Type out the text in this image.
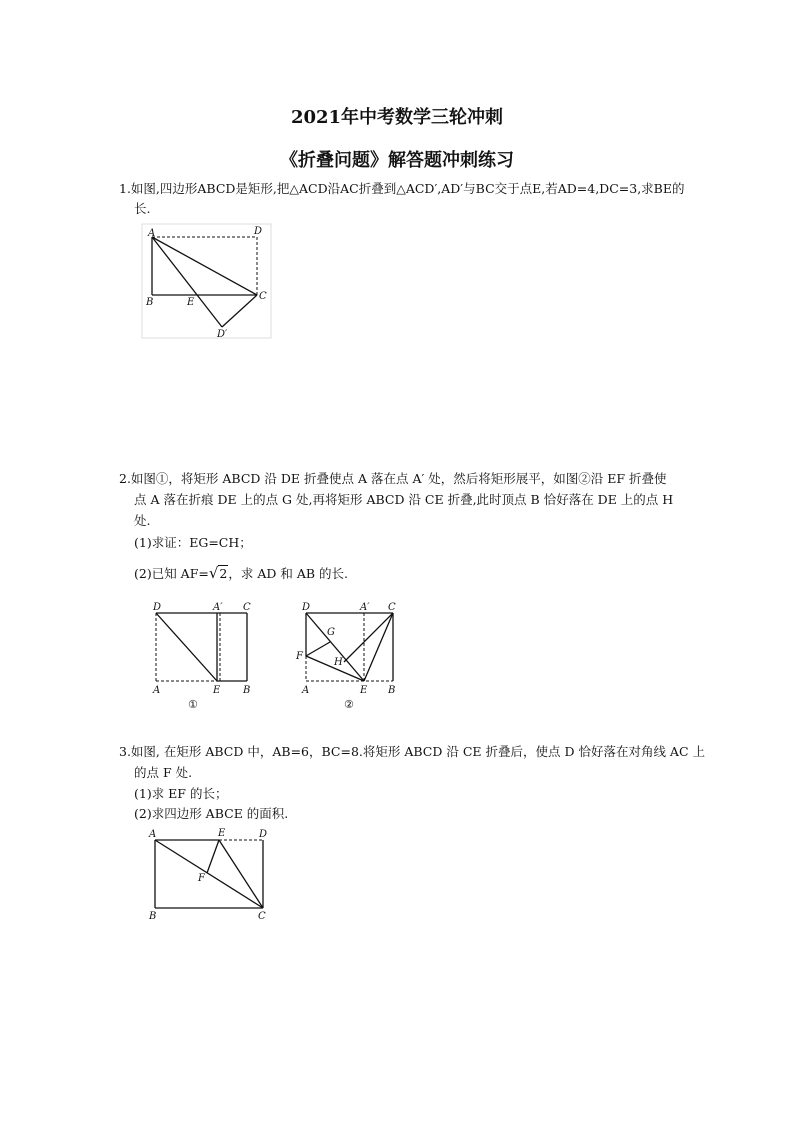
2021年中考数学三轮冲刺
《折叠问题》解答题冲刺练习
1.如图,四边形ABCD是矩形,把△ACD沿AC折叠到△ACD′,AD′与BC交于点E,若AD=4,DC=3,求BE的
长.
A	D
B	E
C
D′
2.如图①，将矩形 ABCD 沿 DE 折叠使点 A 落在点 A′ 处，然后将矩形展平，如图②沿 EF 折叠使
点 A 落在折痕 DE 上的点 G 处,再将矩形 ABCD 沿 CE 折叠,此时顶点 B 恰好落在 DE 上的点 H
处.
(1)求证：EG=CH；
(2)已知 AF=√2，求 AD 和 AB 的长.
D	A′ C
A	E B
①
D	A′ C
G
F
H
A	E B
②
3.如图, 在矩形 ABCD 中，AB=6，BC=8.将矩形 ABCD 沿 CE 折叠后，使点 D 恰好落在对角线 AC 上
的点 F 处.
(1)求 EF 的长；
(2)求四边形 ABCE 的面积.
A	E	D
F
B	C
